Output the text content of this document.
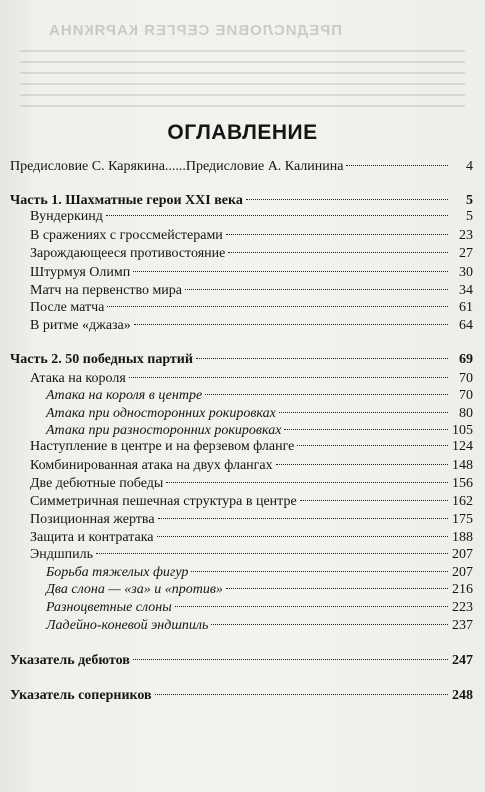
ПРЕДИСЛОВИЕ СЕРГЕЯ КАРЯКИНА
ОГЛАВЛЕНИЕ
Предисловие С. Карякина......Предисловие А. Калинина	4
Часть 1. Шахматные герои XXI века	5
Вундеркинд	5
В сражениях с гроссмейстерами	23
Зарождающееся противостояние	27
Штурмуя Олимп	30
Матч на первенство мира	34
После матча	61
В ритме «джаза»	64
Часть 2. 50 победных партий	69
Атака на короля	70
Атака на короля в центре	70
Атака при односторонних рокировках	80
Атака при разносторонних рокировках	105
Наступление в центре и на ферзевом фланге	124
Комбинированная атака на двух флангах	148
Две дебютные победы	156
Симметричная пешечная структура в центре	162
Позиционная жертва	175
Защита и контратака	188
Эндшпиль	207
Борьба тяжелых фигур	207
Два слона — «за» и «против»	216
Разноцветные слоны	223
Ладейно-коневой эндшпиль	237
Указатель дебютов	247
Указатель соперников	248
